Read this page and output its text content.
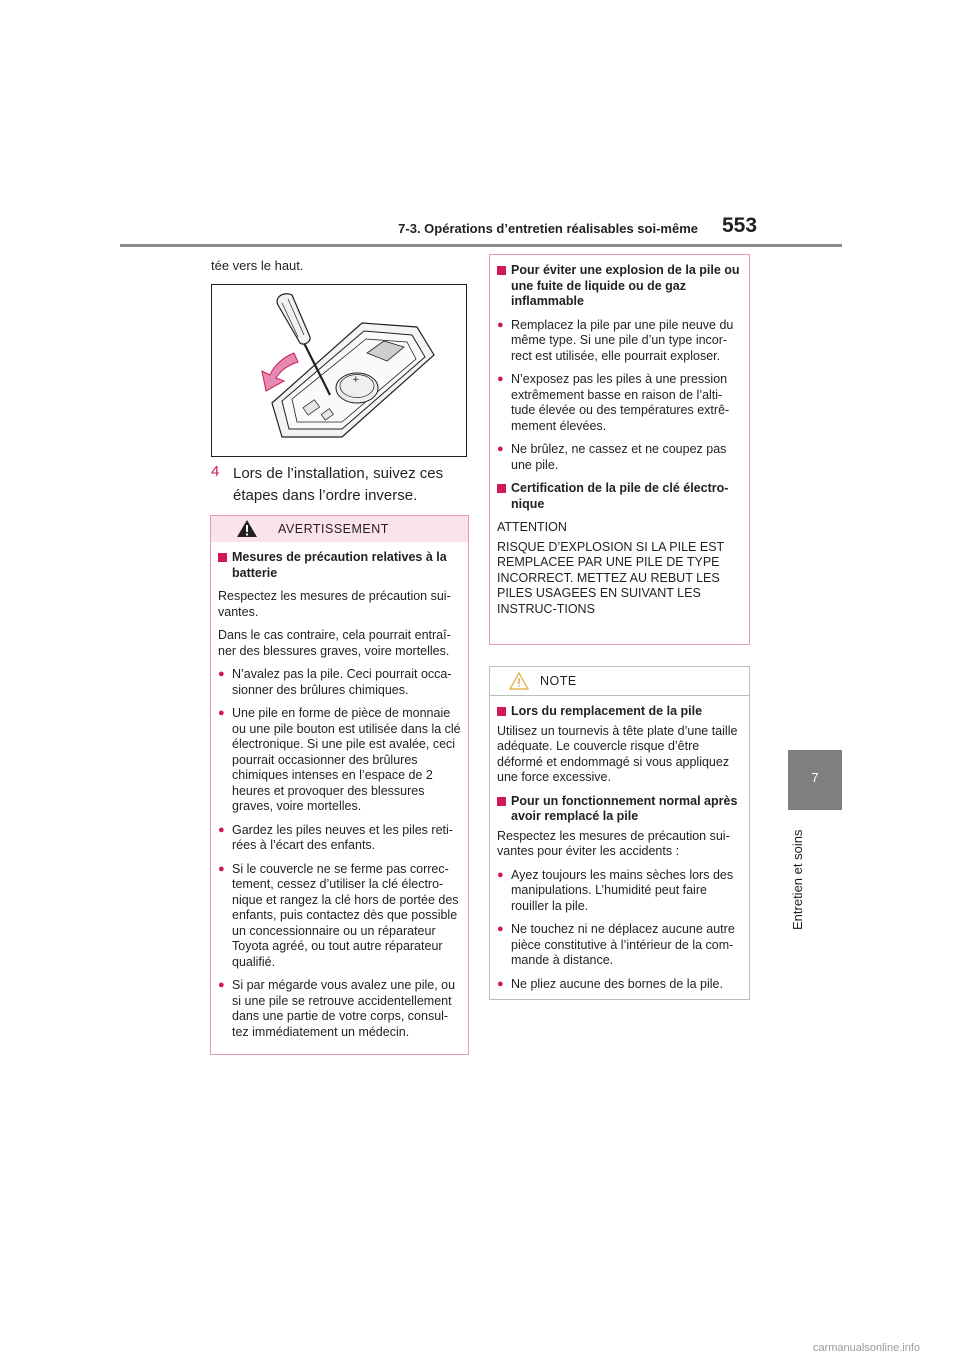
7-3. Opérations d’entretien réalisables soi-même 553
7
Entretien et soins
tée vers le haut.
+
4 Lors de l’installation, suivez ces étapes dans l’ordre inverse.
AVERTISSEMENT
Mesures de précaution relatives à la batterie

Respectez les mesures de précaution sui-vantes.

Dans le cas contraire, cela pourrait entraî-ner des blessures graves, voire mortelles.

● N’avalez pas la pile. Ceci pourrait occa-sionner des brûlures chimiques.
● Une pile en forme de pièce de monnaie ou une pile bouton est utilisée dans la clé électronique. Si une pile est avalée, ceci pourrait occasionner des brûlures chimiques intenses en l’espace de 2 heures et provoquer des blessures graves, voire mortelles.
● Gardez les piles neuves et les piles reti-rées à l’écart des enfants.
● Si le couvercle ne se ferme pas correc-tement, cessez d’utiliser la clé électro-nique et rangez la clé hors de portée des enfants, puis contactez dès que possible un concessionnaire ou un réparateur Toyota agréé, ou tout autre réparateur qualifié.
● Si par mégarde vous avalez une pile, ou si une pile se retrouve accidentellement dans une partie de votre corps, consul-tez immédiatement un médecin.
Pour éviter une explosion de la pile ou une fuite de liquide ou de gaz inflammable
● Remplacez la pile par une pile neuve du même type. Si une pile d’un type incor-rect est utilisée, elle pourrait exploser.
● N’exposez pas les piles à une pression extrêmement basse en raison de l’alti-tude élevée ou des températures extrê-mement élevées.
● Ne brûlez, ne cassez et ne coupez pas une pile.
Certification de la pile de clé électro-nique

ATTENTION

RISQUE D’EXPLOSION SI LA PILE EST REMPLACEE PAR UNE PILE DE TYPE INCORRECT. METTEZ AU REBUT LES PILES USAGEES EN SUIVANT LES INSTRUC-TIONS

NOTE
Lors du remplacement de la pile

Utilisez un tournevis à tête plate d’une taille adéquate. Le couvercle risque d’être déformé et endommagé si vous appliquez une force excessive.

Pour un fonctionnement normal après avoir remplacé la pile

Respectez les mesures de précaution sui-vantes pour éviter les accidents :

● Ayez toujours les mains sèches lors des manipulations. L’humidité peut faire rouiller la pile.
● Ne touchez ni ne déplacez aucune autre pièce constitutive à l’intérieur de la com-mande à distance.
● Ne pliez aucune des bornes de la pile.
carmanualsonline.info
